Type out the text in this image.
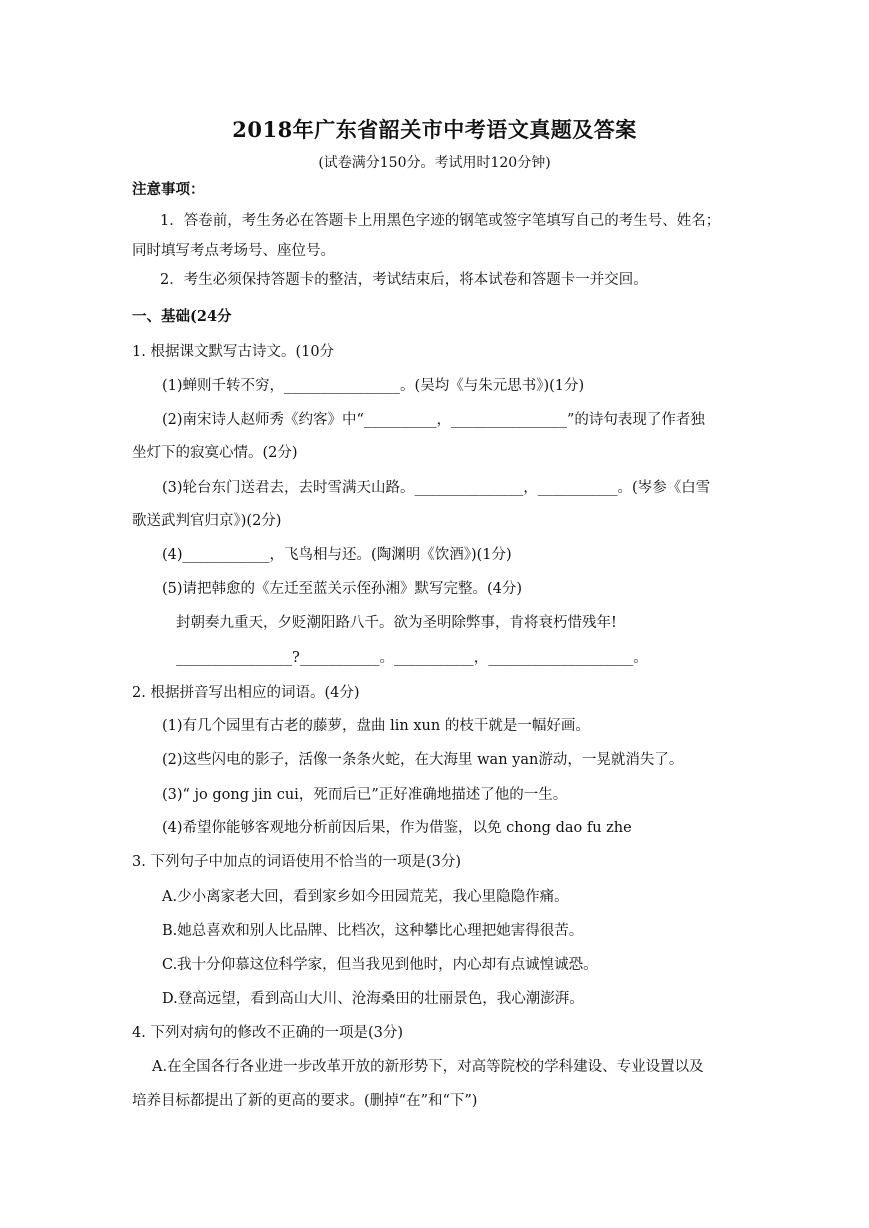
2018年广东省韶关市中考语文真题及答案
(试卷满分150分。考试用时120分钟)
注意事项：
1．答卷前，考生务必在答题卡上用黑色字迹的钢笔或签字笔填写自己的考生号、姓名；
同时填写考点考场号、座位号。
2．考生必须保持答题卡的整洁，考试结束后，将本试卷和答题卡一并交回。
一、基础(24分
1. 根据课文默写古诗文。(10分
(1)蝉则千转不穷，________________。(吴均《与朱元思书》)(1分)
(2)南宋诗人赵师秀《约客》中“__________，________________”的诗句表现了作者独
坐灯下的寂寞心情。(2分)
(3)轮台东门送君去，去时雪满天山路。_______________，___________。(岑参《白雪
歌送武判官归京》)(2分)
(4)____________，飞鸟相与还。(陶渊明《饮酒》)(1分)
(5)请把韩愈的《左迁至蓝关示侄孙湘》默写完整。(4分)
封朝奏九重天，夕贬潮阳路八千。欲为圣明除弊事，肯将衰朽惜残年!
________________?___________。___________，____________________。
2. 根据拼音写出相应的词语。(4分)
(1)有几个园里有古老的藤萝，盘曲 lin xun 的枝干就是一幅好画。
(2)这些闪电的影子，活像一条条火蛇，在大海里 wan yan游动，一晃就消失了。
(3)“ jo gong jin cui，死而后已”正好准确地描述了他的一生。
(4)希望你能够客观地分析前因后果，作为借鉴，以免 chong dao fu zhe
3. 下列句子中加点的词语使用不恰当的一项是(3分)
A.少小离家老大回，看到家乡如今田园荒芜，我心里隐隐作痛。
B.她总喜欢和别人比品牌、比档次，这种攀比心理把她害得很苦。
C.我十分仰慕这位科学家，但当我见到他时，内心却有点诚惶诚恐。
D.登高远望，看到高山大川、沧海桑田的壮丽景色，我心潮澎湃。
4. 下列对病句的修改不正确的一项是(3分)
A.在全国各行各业进一步改革开放的新形势下，对高等院校的学科建设、专业设置以及
培养目标都提出了新的更高的要求。(删掉“在”和“下”)
